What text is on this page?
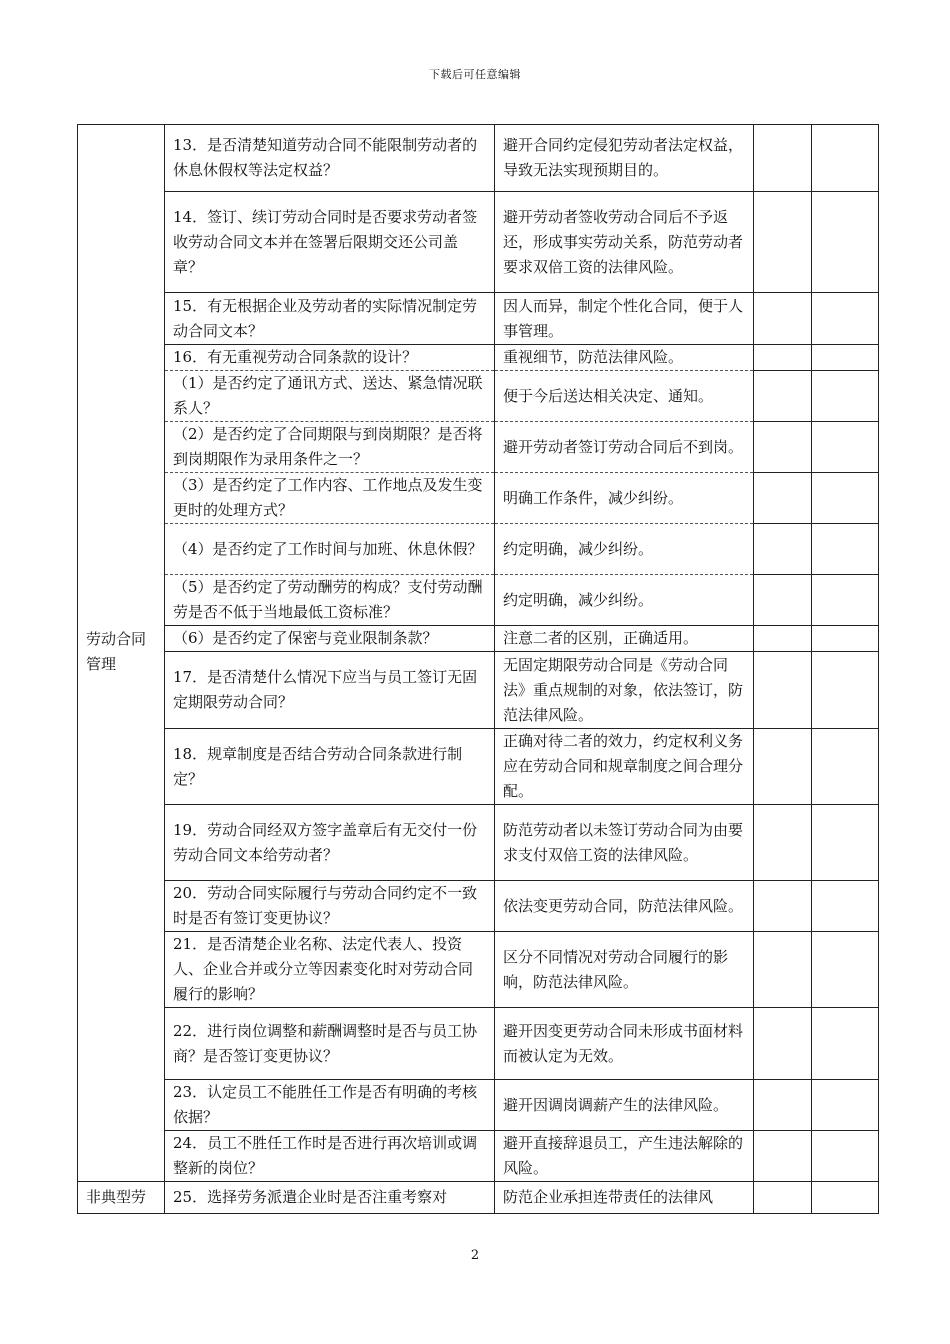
下载后可任意编辑
劳动合同管理	13．是否清楚知道劳动合同不能限制劳动者的休息休假权等法定权益？	避开合同约定侵犯劳动者法定权益，导致无法实现预期目的。		
	14．签订、续订劳动合同时是否要求劳动者签收劳动合同文本并在签署后限期交还公司盖章？	避开劳动者签收劳动合同后不予返还，形成事实劳动关系，防范劳动者要求双倍工资的法律风险。		
	15．有无根据企业及劳动者的实际情况制定劳动合同文本？	因人而异，制定个性化合同，便于人事管理。		
	16．有无重视劳动合同条款的设计？	重视细节，防范法律风险。		
	（1）是否约定了通讯方式、送达、紧急情况联系人？	便于今后送达相关决定、通知。		
	（2）是否约定了合同期限与到岗期限？是否将到岗期限作为录用条件之一？	避开劳动者签订劳动合同后不到岗。		
	（3）是否约定了工作内容、工作地点及发生变更时的处理方式？	明确工作条件，减少纠纷。		
	（4）是否约定了工作时间与加班、休息休假？	约定明确，减少纠纷。		
	（5）是否约定了劳动酬劳的构成？支付劳动酬劳是否不低于当地最低工资标准？	约定明确，减少纠纷。		
	（6）是否约定了保密与竞业限制条款？	注意二者的区别，正确适用。		
	17．是否清楚什么情况下应当与员工签订无固定期限劳动合同？	无固定期限劳动合同是《劳动合同法》重点规制的对象，依法签订，防范法律风险。		
	18．规章制度是否结合劳动合同条款进行制定？	正确对待二者的效力，约定权利义务应在劳动合同和规章制度之间合理分配。		
	19．劳动合同经双方签字盖章后有无交付一份劳动合同文本给劳动者？	防范劳动者以未签订劳动合同为由要求支付双倍工资的法律风险。		
	20．劳动合同实际履行与劳动合同约定不一致时是否有签订变更协议？	依法变更劳动合同，防范法律风险。		
	21．是否清楚企业名称、法定代表人、投资人、企业合并或分立等因素变化时对劳动合同履行的影响？	区分不同情况对劳动合同履行的影响，防范法律风险。		
	22．进行岗位调整和薪酬调整时是否与员工协商？是否签订变更协议？	避开因变更劳动合同未形成书面材料而被认定为无效。		
	23．认定员工不能胜任工作是否有明确的考核依据？	避开因调岗调薪产生的法律风险。		
	24．员工不胜任工作时是否进行再次培训或调整新的岗位？	避开直接辞退员工，产生违法解除的风险。		
非典型劳	25．选择劳务派遣企业时是否注重考察对	防范企业承担连带责任的法律风		
2
